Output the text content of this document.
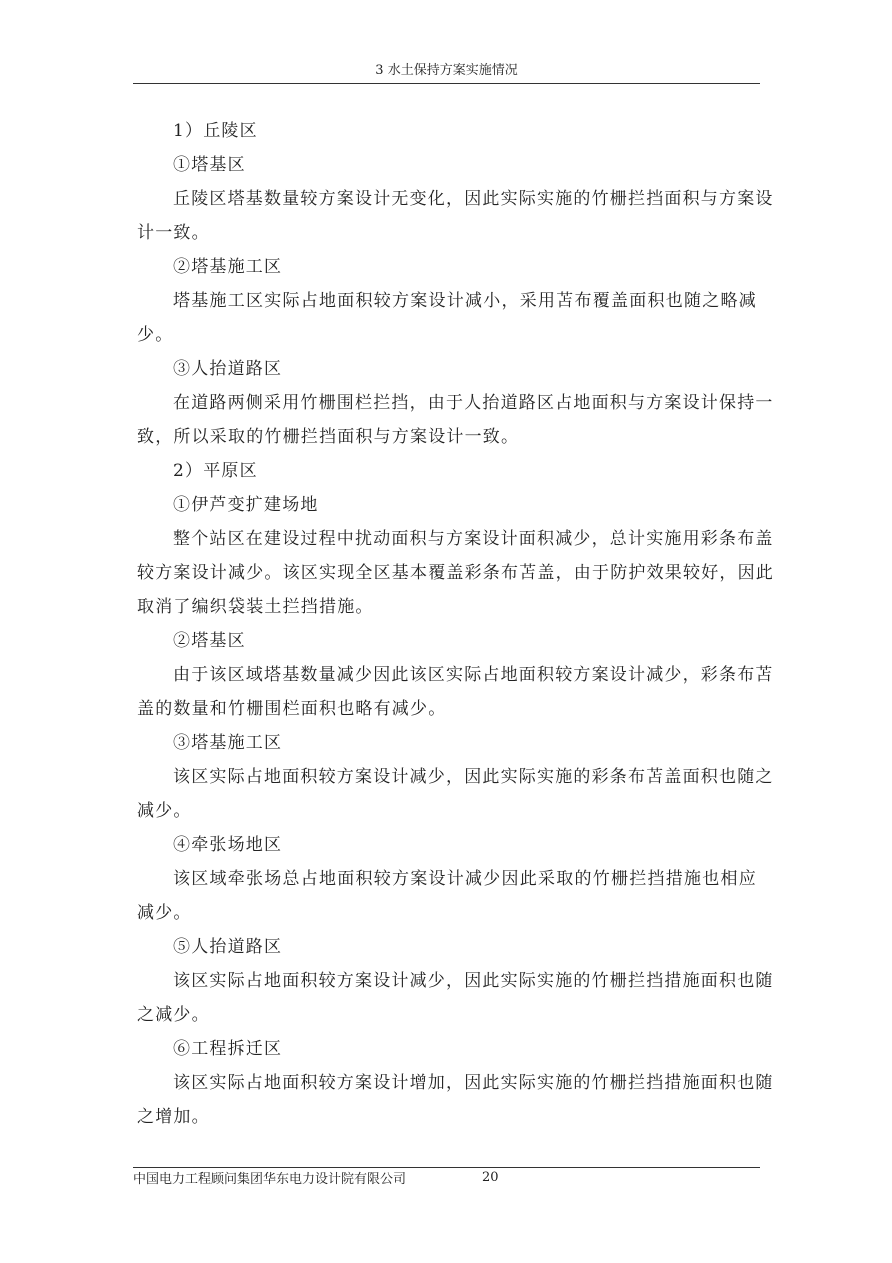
3 水土保持方案实施情况
1）丘陵区
①塔基区
丘陵区塔基数量较方案设计无变化，因此实际实施的竹栅拦挡面积与方案设
计一致。
②塔基施工区
塔基施工区实际占地面积较方案设计减小，采用苫布覆盖面积也随之略减
少。
③人抬道路区
在道路两侧采用竹栅围栏拦挡，由于人抬道路区占地面积与方案设计保持一
致，所以采取的竹栅拦挡面积与方案设计一致。
2）平原区
①伊芦变扩建场地
整个站区在建设过程中扰动面积与方案设计面积减少，总计实施用彩条布盖
较方案设计减少。该区实现全区基本覆盖彩条布苫盖，由于防护效果较好，因此
取消了编织袋装土拦挡措施。
②塔基区
由于该区域塔基数量减少因此该区实际占地面积较方案设计减少，彩条布苫
盖的数量和竹栅围栏面积也略有减少。
③塔基施工区
该区实际占地面积较方案设计减少，因此实际实施的彩条布苫盖面积也随之
减少。
④牵张场地区
该区域牵张场总占地面积较方案设计减少因此采取的竹栅拦挡措施也相应
减少。
⑤人抬道路区
该区实际占地面积较方案设计减少，因此实际实施的竹栅拦挡措施面积也随
之减少。
⑥工程拆迁区
该区实际占地面积较方案设计增加，因此实际实施的竹栅拦挡措施面积也随
之增加。
中国电力工程顾问集团华东电力设计院有限公司	20
